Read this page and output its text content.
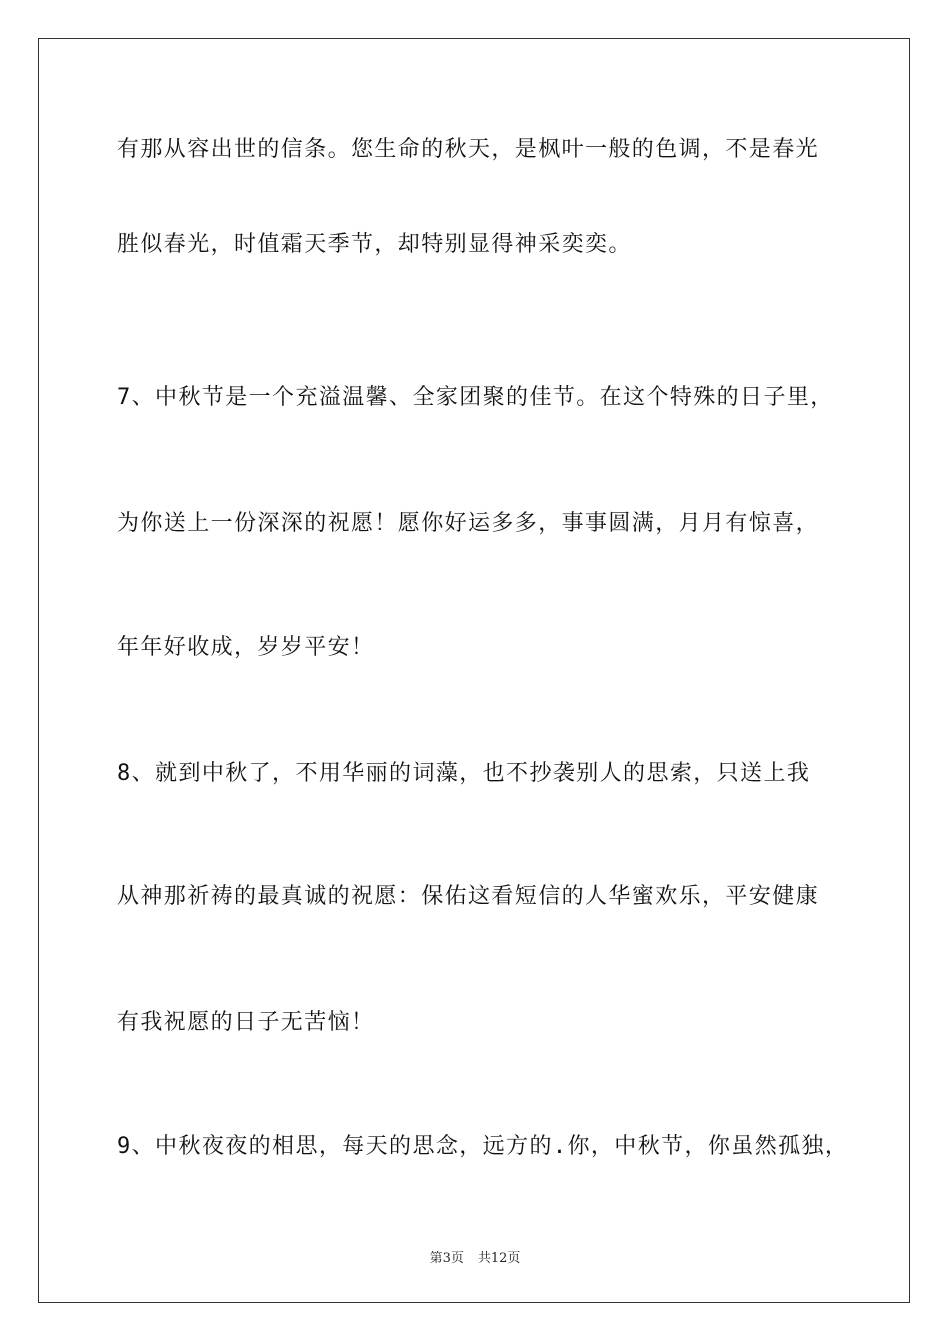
有那从容出世的信条。您生命的秋天，是枫叶一般的色调，不是春光
胜似春光，时值霜天季节，却特别显得神采奕奕。
7、中秋节是一个充溢温馨、全家团聚的佳节。在这个特殊的日子里，
为你送上一份深深的祝愿！愿你好运多多，事事圆满，月月有惊喜，
年年好收成，岁岁平安！
8、就到中秋了，不用华丽的词藻，也不抄袭别人的思索，只送上我
从神那祈祷的最真诚的祝愿：保佑这看短信的人华蜜欢乐，平安健康
有我祝愿的日子无苦恼！
9、中秋夜夜的相思，每天的思念，远方的.你，中秋节，你虽然孤独，
第3页 共12页
